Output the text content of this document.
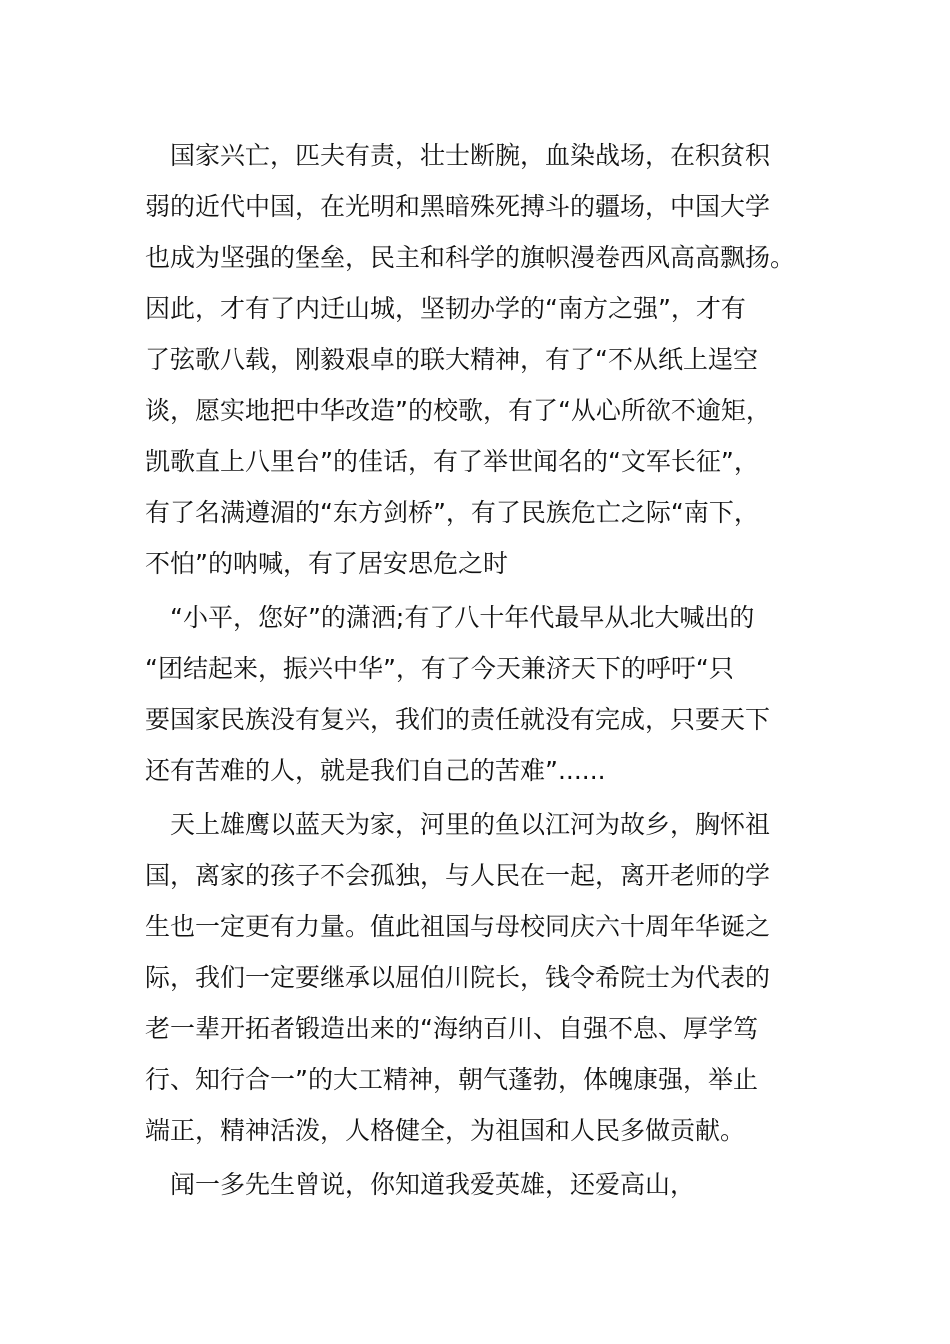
　国家兴亡，匹夫有责，壮士断腕，血染战场，在积贫积
弱的近代中国，在光明和黑暗殊死搏斗的疆场，中国大学
也成为坚强的堡垒，民主和科学的旗帜漫卷西风高高飘扬。
因此，才有了内迁山城，坚韧办学的“南方之强”，才有
了弦歌八载，刚毅艰卓的联大精神，有了“不从纸上逞空
谈，愿实地把中华改造”的校歌，有了“从心所欲不逾矩，
凯歌直上八里台”的佳话，有了举世闻名的“文军长征”，
有了名满遵湄的“东方剑桥”，有了民族危亡之际“南下，
不怕”的呐喊，有了居安思危之时

　“小平，您好”的潇洒;有了八十年代最早从北大喊出的
“团结起来，振兴中华”，有了今天兼济天下的呼吁“只
要国家民族没有复兴，我们的责任就没有完成，只要天下
还有苦难的人，就是我们自己的苦难”......

　天上雄鹰以蓝天为家，河里的鱼以江河为故乡，胸怀祖
国，离家的孩子不会孤独，与人民在一起，离开老师的学
生也一定更有力量。值此祖国与母校同庆六十周年华诞之
际，我们一定要继承以屈伯川院长，钱令希院士为代表的
老一辈开拓者锻造出来的“海纳百川、自强不息、厚学笃
行、知行合一”的大工精神，朝气蓬勃，体魄康强，举止
端正，精神活泼，人格健全，为祖国和人民多做贡献。

　闻一多先生曾说，你知道我爱英雄，还爱高山，
